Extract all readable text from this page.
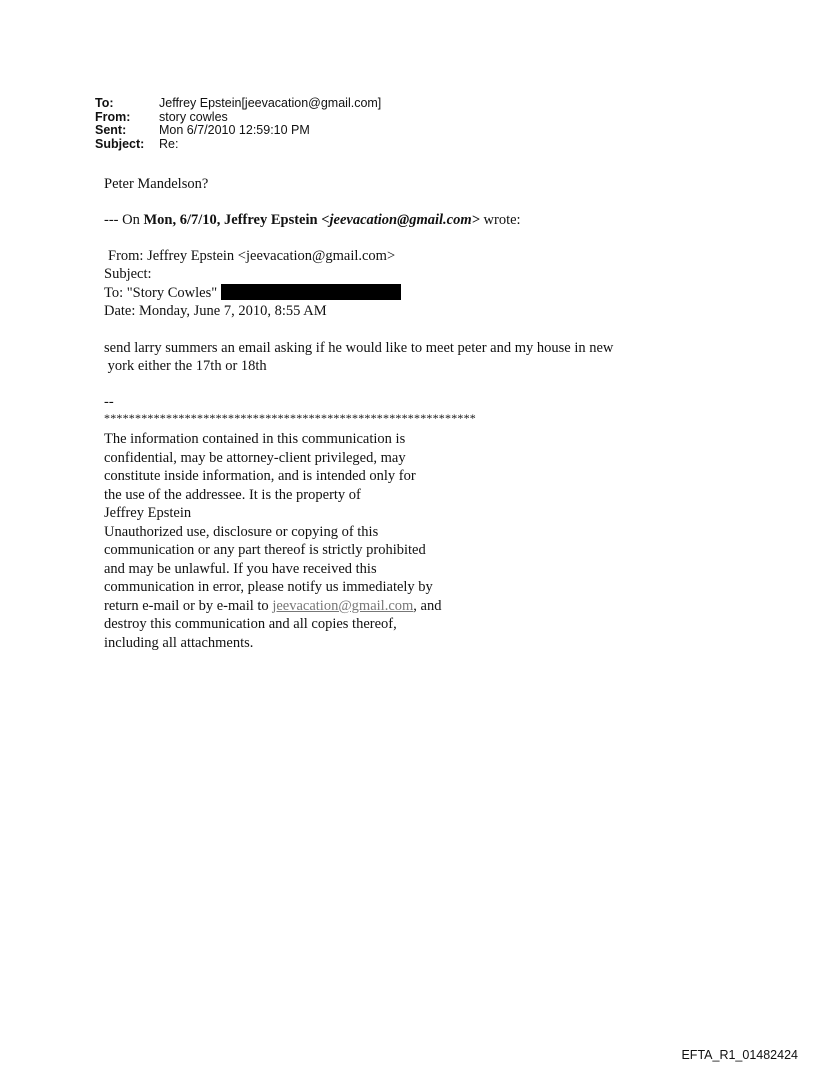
To:	Jeffrey Epstein[jeevacation@gmail.com]
From:	story cowles
Sent:	Mon 6/7/2010 12:59:10 PM
Subject:	Re:
Peter Mandelson?
--- On Mon, 6/7/10, Jeffrey Epstein <jeevacation@gmail.com> wrote:
From: Jeffrey Epstein <jeevacation@gmail.com>
Subject:
To: "Story Cowles"
Date: Monday, June 7, 2010, 8:55 AM
send larry summers an email asking if he would like to meet peter and my house in new
york either the 17th or 18th
--
************************************************************
The information contained in this communication is
confidential, may be attorney-client privileged, may
constitute inside information, and is intended only for
the use of the addressee. It is the property of
Jeffrey Epstein
Unauthorized use, disclosure or copying of this
communication or any part thereof is strictly prohibited
and may be unlawful. If you have received this
communication in error, please notify us immediately by
return e-mail or by e-mail to jeevacation@gmail.com, and
destroy this communication and all copies thereof,
including all attachments.
EFTA_R1_01482424
